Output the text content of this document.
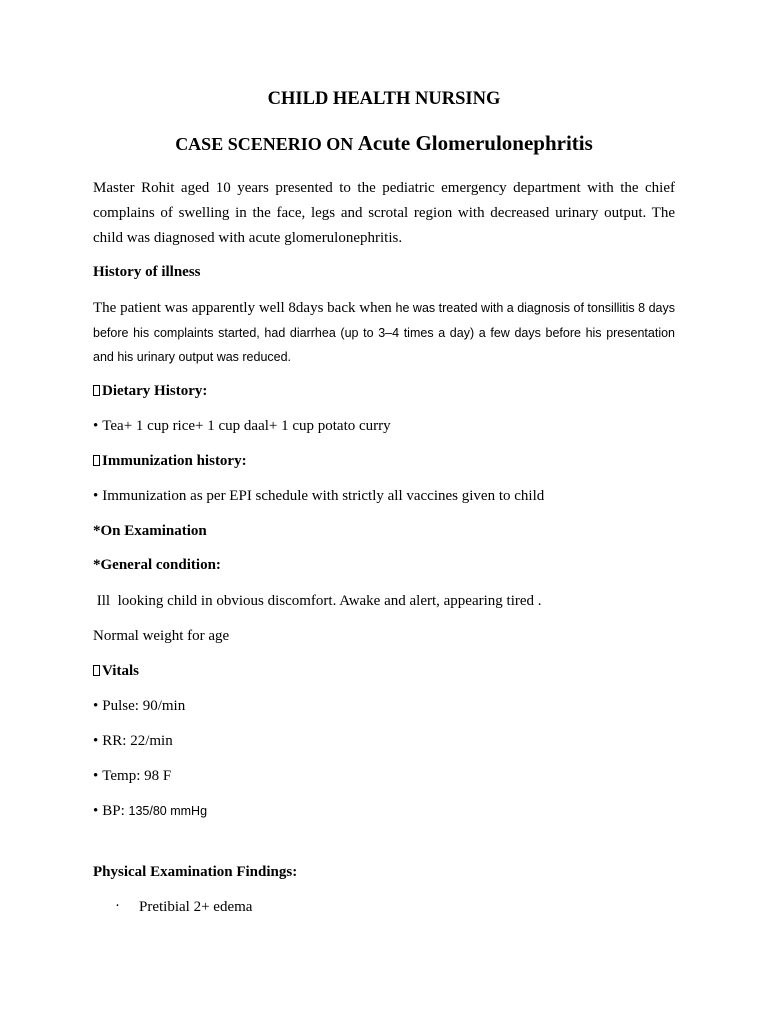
CHILD HEALTH NURSING
CASE SCENERIO ON Acute Glomerulonephritis
Master Rohit aged 10 years presented to the pediatric emergency department with the chief complains of swelling in the face, legs and scrotal region with decreased urinary output. The child was diagnosed with acute glomerulonephritis.
History of illness
The patient was apparently well 8days back when he was treated with a diagnosis of tonsillitis 8 days before his complaints started, had diarrhea (up to 3–4 times a day) a few days before his presentation and his urinary output was reduced.
Dietary History:
• Tea+ 1 cup rice+ 1 cup daal+ 1 cup potato curry
Immunization history:
• Immunization as per EPI schedule with strictly all vaccines given to child
*On Examination
*General condition:
Ill  looking child in obvious discomfort. Awake and alert, appearing tired .
Normal weight for age
Vitals
• Pulse: 90/min
• RR: 22/min
• Temp: 98 F
• BP: 135/80 mmHg
Physical Examination Findings:
· Pretibial 2+ edema
